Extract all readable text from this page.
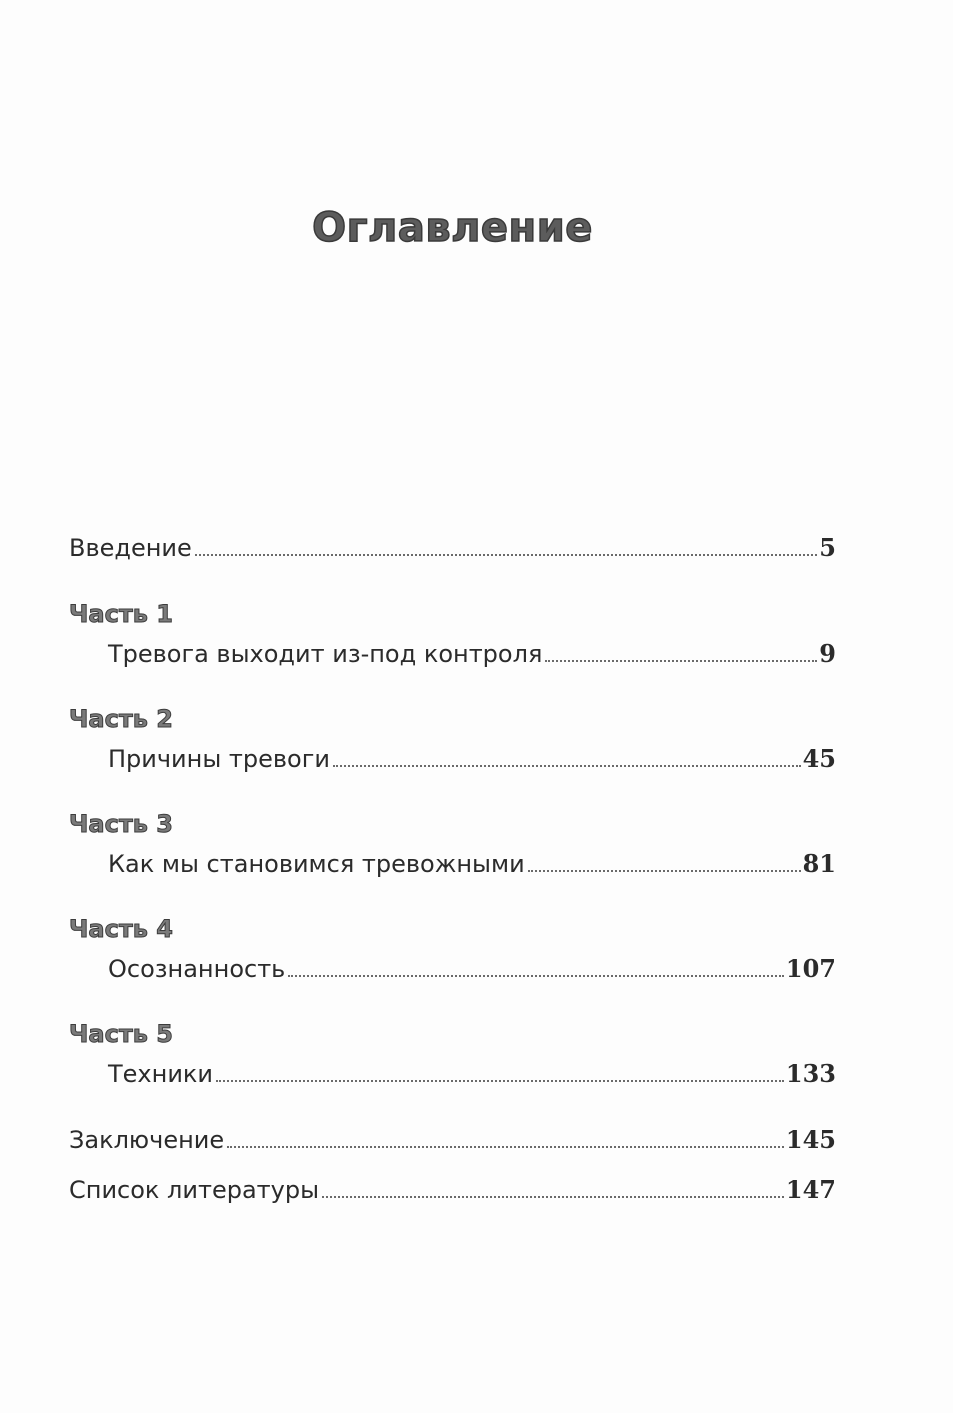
Оглавление
Введение	5
Часть 1
Тревога выходит из-под контроля	9
Часть 2
Причины тревоги	45
Часть 3
Как мы становимся тревожными	81
Часть 4
Осознанность	107
Часть 5
Техники	133
Заключение	145
Список литературы	147
